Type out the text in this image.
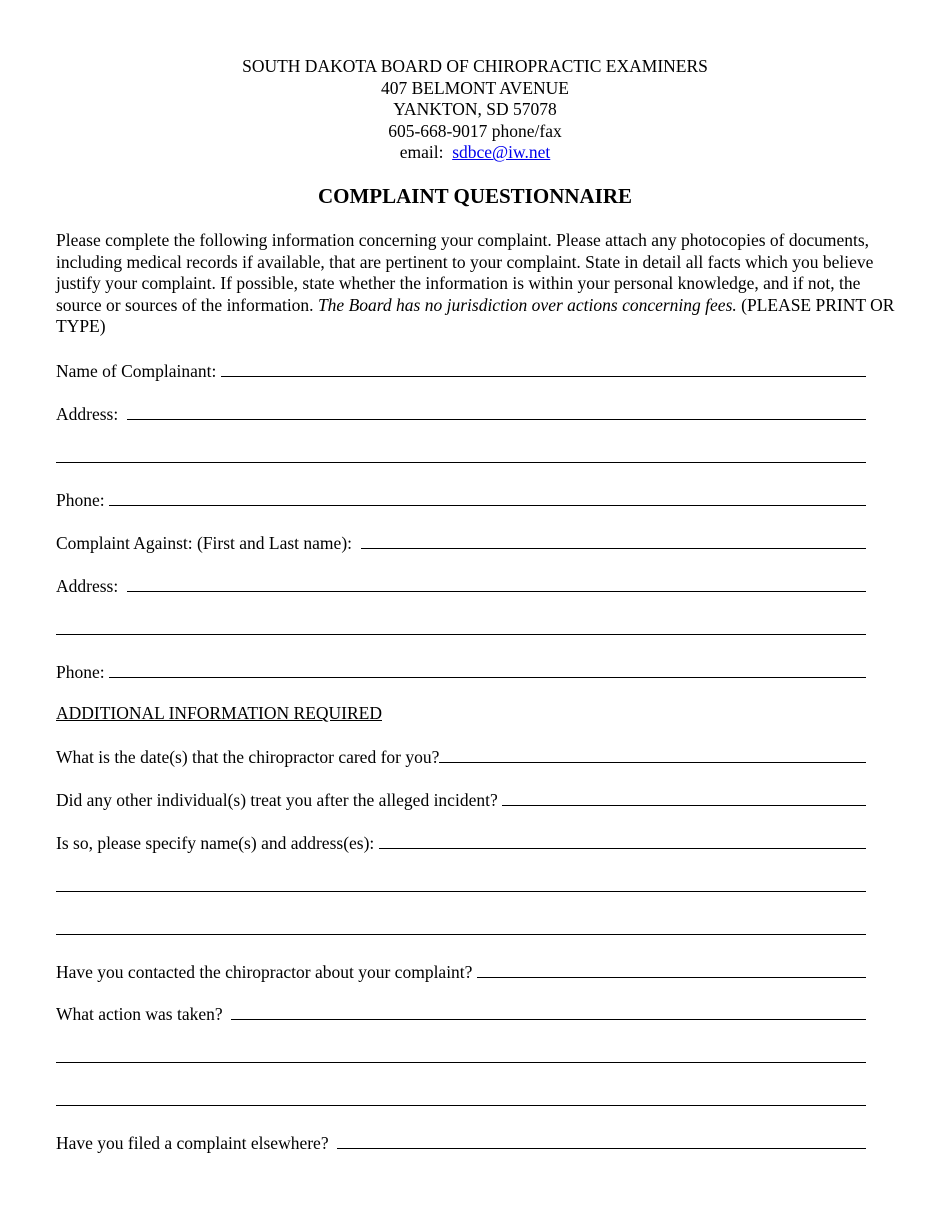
SOUTH DAKOTA BOARD OF CHIROPRACTIC EXAMINERS
407 BELMONT AVENUE
YANKTON, SD 57078
605-668-9017 phone/fax
email: sdbce@iw.net
COMPLAINT QUESTIONNAIRE
Please complete the following information concerning your complaint. Please attach any photocopies of documents, including medical records if available, that are pertinent to your complaint. State in detail all facts which you believe justify your complaint. If possible, state whether the information is within your personal knowledge, and if not, the source or sources of the information. The Board has no jurisdiction over actions concerning fees. (PLEASE PRINT OR TYPE)
Name of Complainant:
Address:
Phone:
Complaint Against: (First and Last name):
Address:
Phone:
ADDITIONAL INFORMATION REQUIRED
What is the date(s) that the chiropractor cared for you?
Did any other individual(s) treat you after the alleged incident?
Is so, please specify name(s) and address(es):
Have you contacted the chiropractor about your complaint?
What action was taken?
Have you filed a complaint elsewhere?
